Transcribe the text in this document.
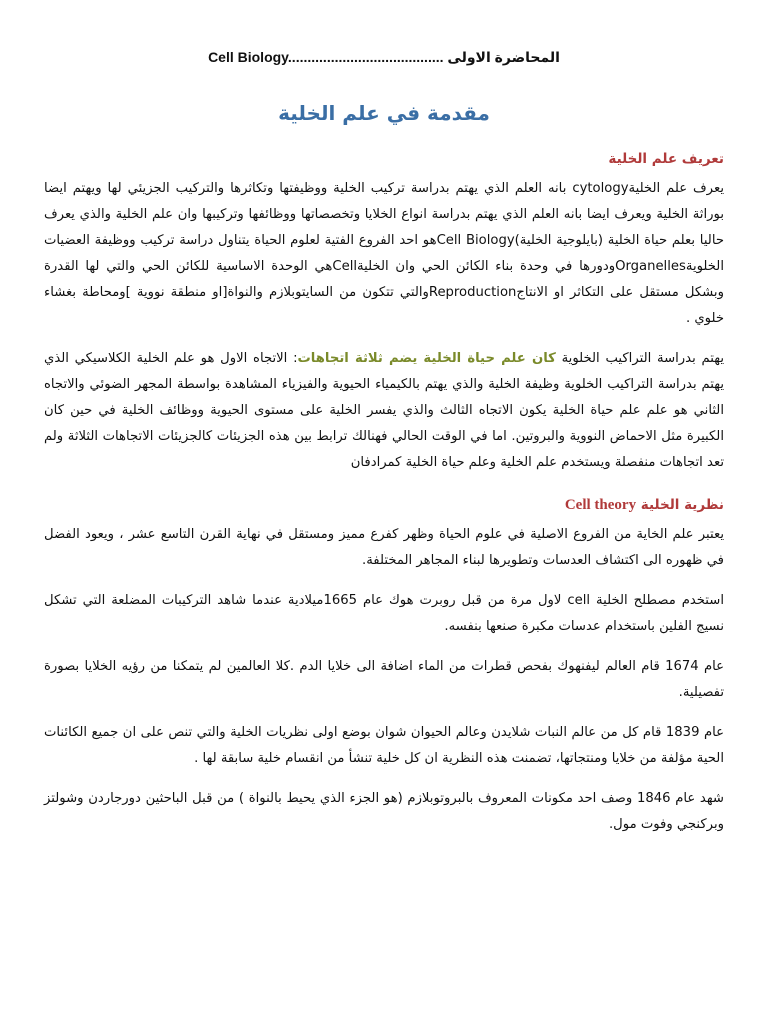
المحاضرة الاولى Cell Biology........................................
مقدمة في علم الخلية
تعريف علم الخلية

يعرف علم الخليةcytology بانه العلم الذي يهتم بدراسة تركيب الخلية ووظيفتها وتكاثرها والتركيب الجزيئي لها ويهتم ايضا بوراثة الخلية ويعرف ايضا بانه العلم الذي يهتم بدراسة انواع الخلايا وتخصصاتها ووظائفها وتركيبها وان علم الخلية والذي يعرف حاليا بعلم حياة الخلية (بايلوجية الخلية)Cell Biologyهو احد الفروع الفتية لعلوم الحياة يتناول دراسة تركيب ووظيفة العضيات الخلويةOrganellesودورها في وحدة بناء الكائن الحي وان الخليةCellهي الوحدة الاساسية للكائن الحي والتي لها القدرة وبشكل مستقل على التكاثر او الانتاجReproductionوالتي تتكون من السايتوبلازم والنواة[او منطقة نووية ]ومحاطة بغشاء خلوي .

يهتم بدراسة التراكيب الخلوية كان علم حياة الخلية يضم ثلاثة اتجاهات: الاتجاه الاول هو علم الخلية الكلاسيكي الذي يهتم بدراسة التراكيب الخلوية وظيفة الخلية والذي يهتم بالكيمياء الحيوية والفيزياء المشاهدة بواسطة المجهر الضوئي والاتجاه الثاني هو علم علم حياة الخلية يكون الاتجاه الثالث والذي يفسر الخلية على مستوى الحيوية ووظائف الخلية في حين كان الكبيرة مثل الاحماض النووية والبروتين. اما في الوقت الحالي فهنالك ترابط بين هذه الجزيئات كالجزيئات الاتجاهات الثلاثة ولم تعد اتجاهات منفصلة ويستخدم علم الخلية وعلم حياة الخلية كمرادفان

نظرية الخلية Cell theory

يعتبر علم الخاية من الفروع الاصلية في علوم الحياة وظهر كفرع مميز ومستقل في نهاية القرن التاسع عشر ، ويعود الفضل في ظهوره الى اكتشاف العدسات وتطويرها لبناء المجاهر المختلفة.

استخدم مصطلح الخلية cell لاول مرة من قبل روبرت هوك عام 1665ميلادية عندما شاهد التركيبات المضلعة التي تشكل نسيج الفلين باستخدام عدسات مكبرة صنعها بنفسه.

عام 1674 قام العالم ليفنهوك بفحص قطرات من الماء اضافة الى خلايا الدم .كلا العالمين لم يتمكنا من رؤيه الخلايا بصورة تفصيلية.

عام 1839 قام كل من عالم النبات شلايدن وعالم الحيوان شوان بوضع اولى نظريات الخلية والتي تنص على ان جميع الكائنات الحية مؤلفة من خلايا ومنتجاتها، تضمنت هذه النظرية ان كل خلية تنشأ من انقسام خلية سابقة لها .

شهد عام 1846 وصف احد مكونات المعروف بالبروتوبلازم (هو الجزء الذي يحيط بالنواة ) من قبل الباحثين دورجاردن وشولتز وبركنجي وفوت مول.
